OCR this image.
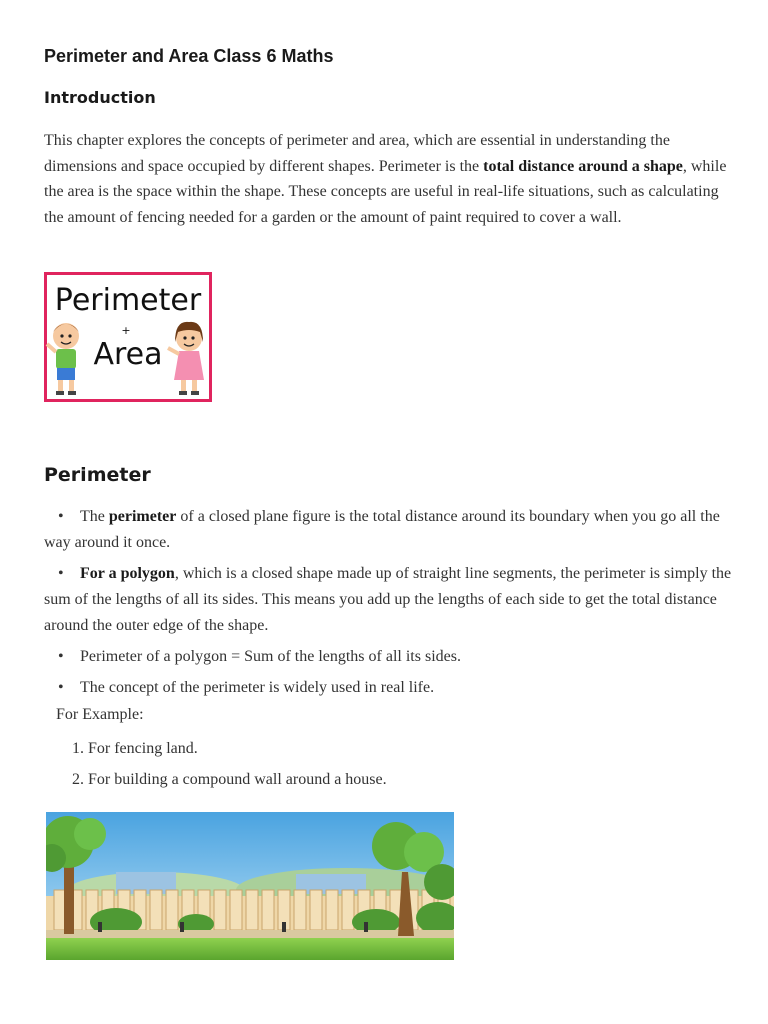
Perimeter and Area Class 6 Maths
Introduction

This chapter explores the concepts of perimeter and area, which are essential in understanding the dimensions and space occupied by different shapes. Perimeter is the total distance around a shape, while the area is the space within the shape. These concepts are useful in real-life situations, such as calculating the amount of fencing needed for a garden or the amount of paint required to cover a wall.

Perimeter
+
Area
Perimeter
• The perimeter of a closed plane figure is the total distance around its boundary when you go all the way around it once.
• For a polygon, which is a closed shape made up of straight line segments, the perimeter is simply the sum of the lengths of all its sides. This means you add up the lengths of each side to get the total distance around the outer edge of the shape.
• Perimeter of a polygon = Sum of the lengths of all its sides.
• The concept of the perimeter is widely used in real life.

For Example:

1. For fencing land.
2. For building a compound wall around a house.
